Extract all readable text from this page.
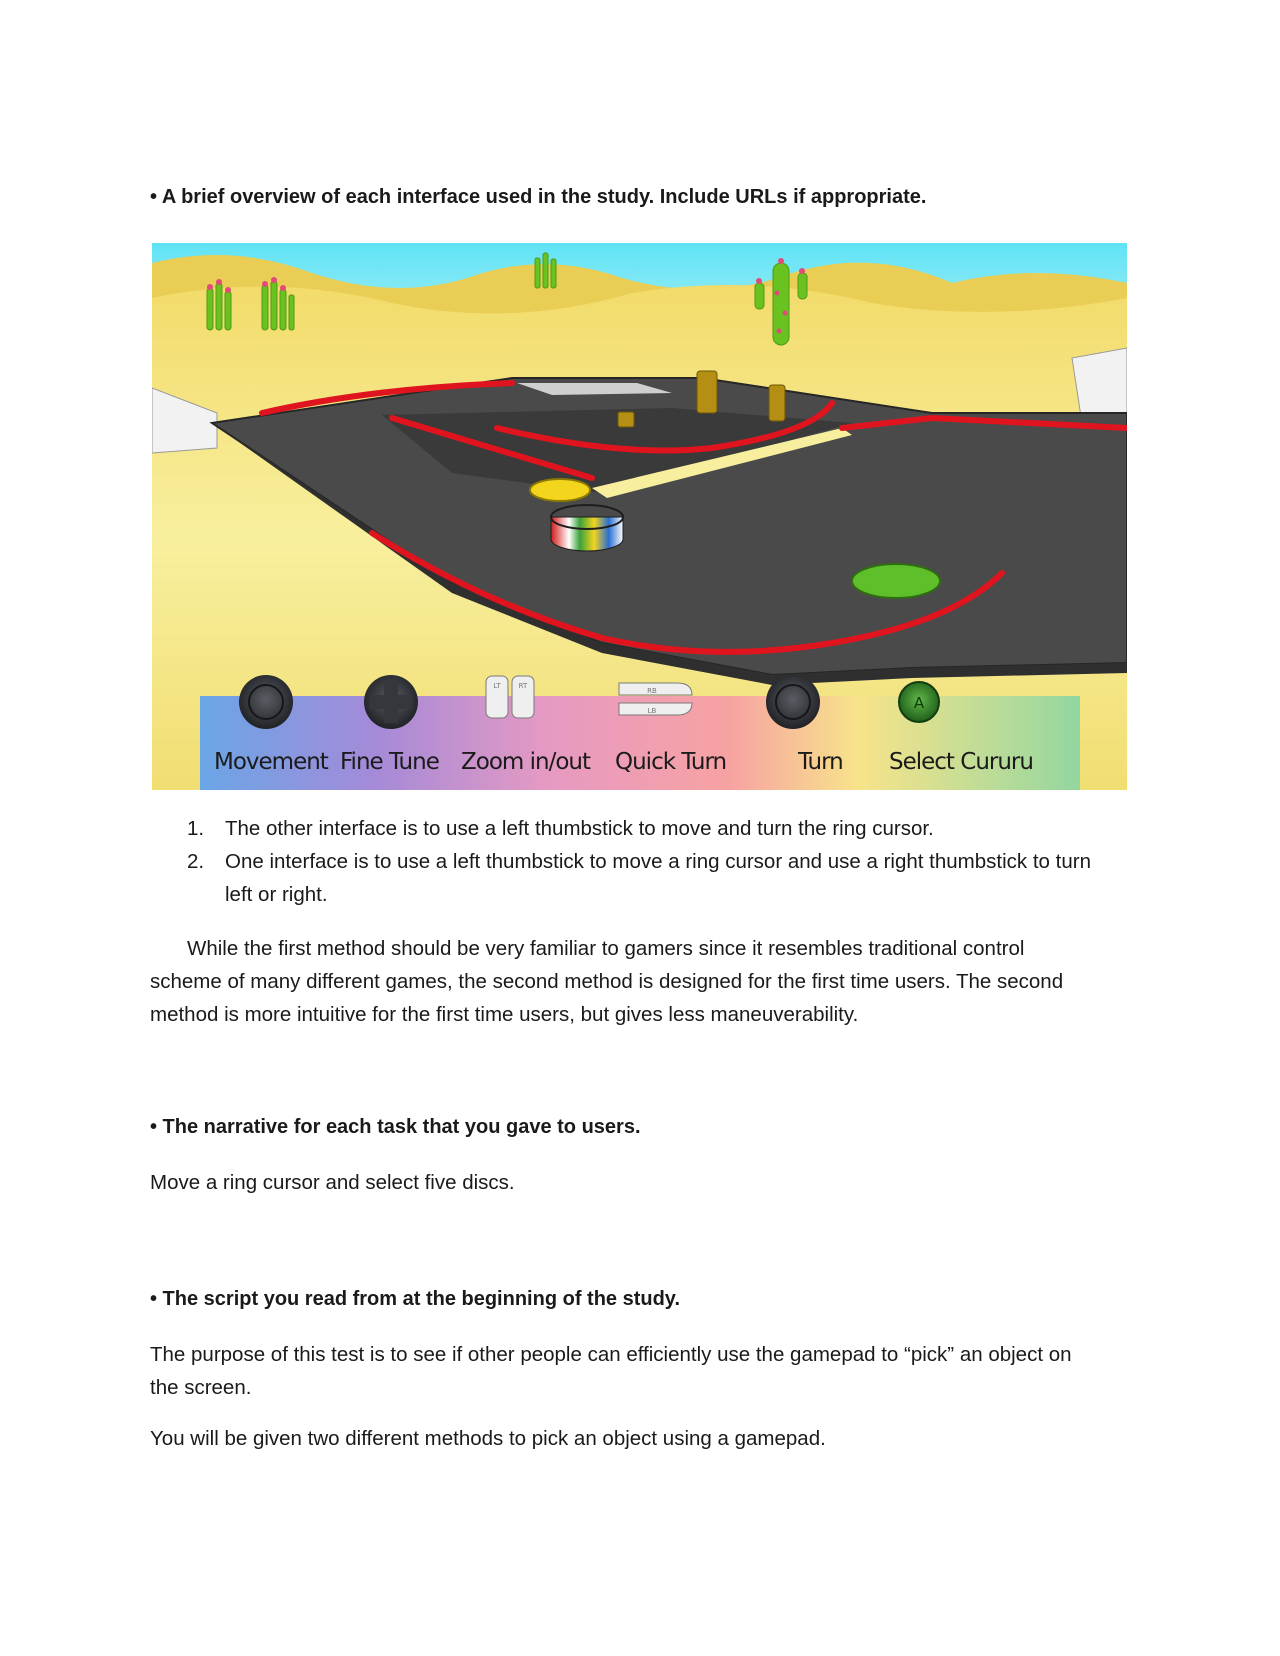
• A brief overview of each interface used in the study. Include URLs if appropriate.
LT	RT
RB
LB	A
Movement Fine Tune Zoom in/out Quick Turn	Turn Select Cururu
1. The other interface is to use a left thumbstick to move and turn the ring cursor.
2. One interface is to use a left thumbstick to move a ring cursor and use a right thumbstick to turn
left or right.
While the first method should be very familiar to gamers since it resembles traditional control
scheme of many different games, the second method is designed for the first time users. The second
method is more intuitive for the first time users, but gives less maneuverability.
• The narrative for each task that you gave to users.
Move a ring cursor and select five discs.
• The script you read from at the beginning of the study.
The purpose of this test is to see if other people can efficiently use the gamepad to “pick” an object on
the screen.
You will be given two different methods to pick an object using a gamepad.
